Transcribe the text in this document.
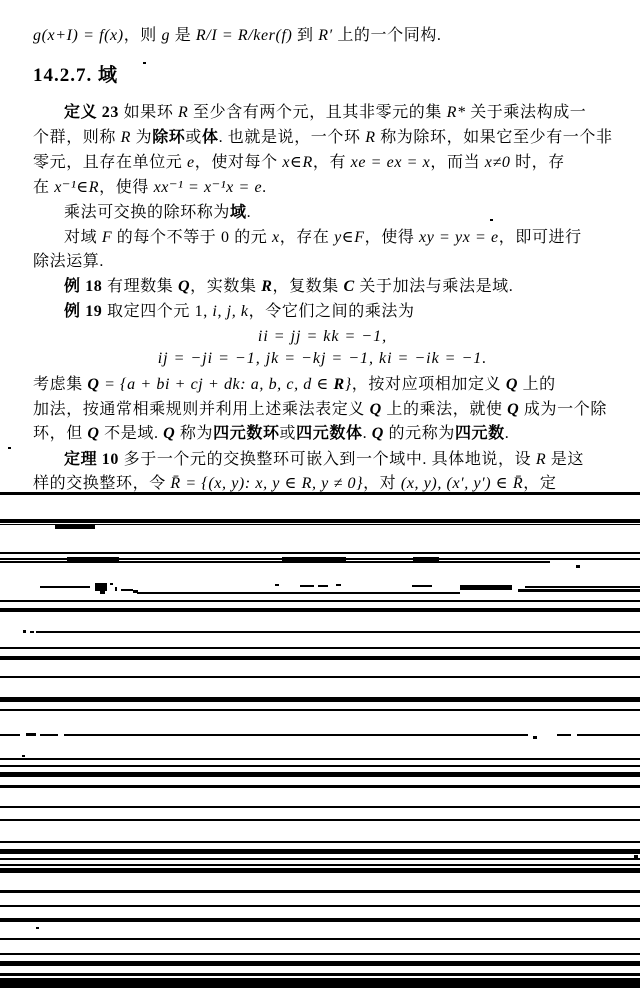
14.2.7. 域
g(x+I) = f(x)，则 g 是 R/I = R/ker(f) 到 R′ 上的一个同构.
定义 23 如果环 R 至少含有两个元，且其非零元的集 R* 关于乘法构成一
个群，则称 R 为除环或体. 也就是说，一个环 R 称为除环，如果它至少有一个非
零元，且存在单位元 e，使对每个 x∈R，有 xe = ex = x，而当 x≠0 时，存
在 x⁻¹∈R，使得 xx⁻¹ = x⁻¹x = e.
乘法可交换的除环称为域.
对域 F 的每个不等于 0 的元 x，存在 y∈F，使得 xy = yx = e，即可进行
除法运算.
例 18 有理数集 Q，实数集 R，复数集 C 关于加法与乘法是域.
例 19 取定四个元 1, i, j, k，令它们之间的乘法为
ii = jj = kk = −1,
ij = −ji = −1, jk = −kj = −1, ki = −ik = −1.
考虑集 Q = {a + bi + cj + dk: a, b, c, d ∈ R}，按对应项相加定义 Q 上的
加法，按通常相乘规则并利用上述乘法表定义 Q 上的乘法，就使 Q 成为一个除
环，但 Q 不是域. Q 称为四元数环或四元数体. Q 的元称为四元数.
定理 10 多于一个元的交换整环可嵌入到一个域中. 具体地说，设 R 是这
样的交换整环，令 R̄ = {(x, y): x, y ∈ R, y ≠ 0}，对 (x, y), (x′, y′) ∈ R̄，定
